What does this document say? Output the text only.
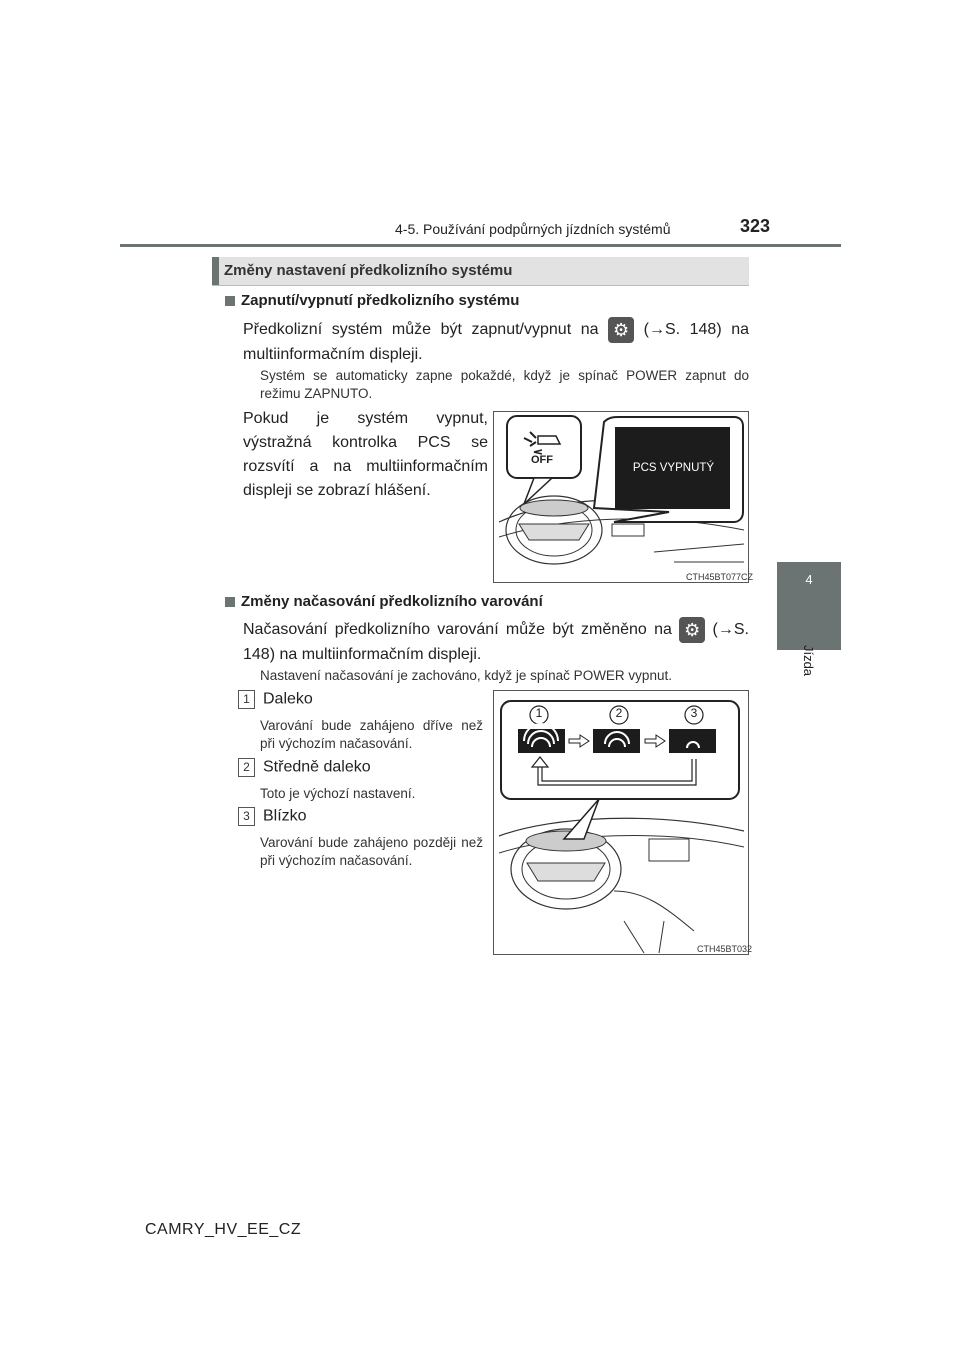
4-5. Používání podpůrných jízdních systémů	323
4
Jízda
Změny nastavení předkolizního systému
Zapnutí/vypnutí předkolizního systému
Předkolizní systém může být zapnut/vypnut na ⚙	(→S. 148) na multiinformačním displeji.
Systém se automaticky zapne pokaždé, když je spínač POWER zapnut do režimu ZAPNUTO.
Pokud je systém vypnut, výstražná kontrolka PCS se rozsvítí a na multiinformačním displeji se zobrazí hlášení.
OFF
PCS VYPNUTÝ
CTH45BT077CZ
Změny načasování předkolizního varování
Načasování předkolizního varování může být změněno na ⚙	(→S. 148) na multiinformačním displeji.
Nastavení načasování je zachováno, když je spínač POWER vypnut.
1 Daleko
Varování bude zahájeno dříve než při výchozím načasování.
2 Středně daleko
Toto je výchozí nastavení.
3 Blízko
Varování bude zahájeno později než při výchozím načasování.
1	2	3
CTH45BT032
CAMRY_HV_EE_CZ
